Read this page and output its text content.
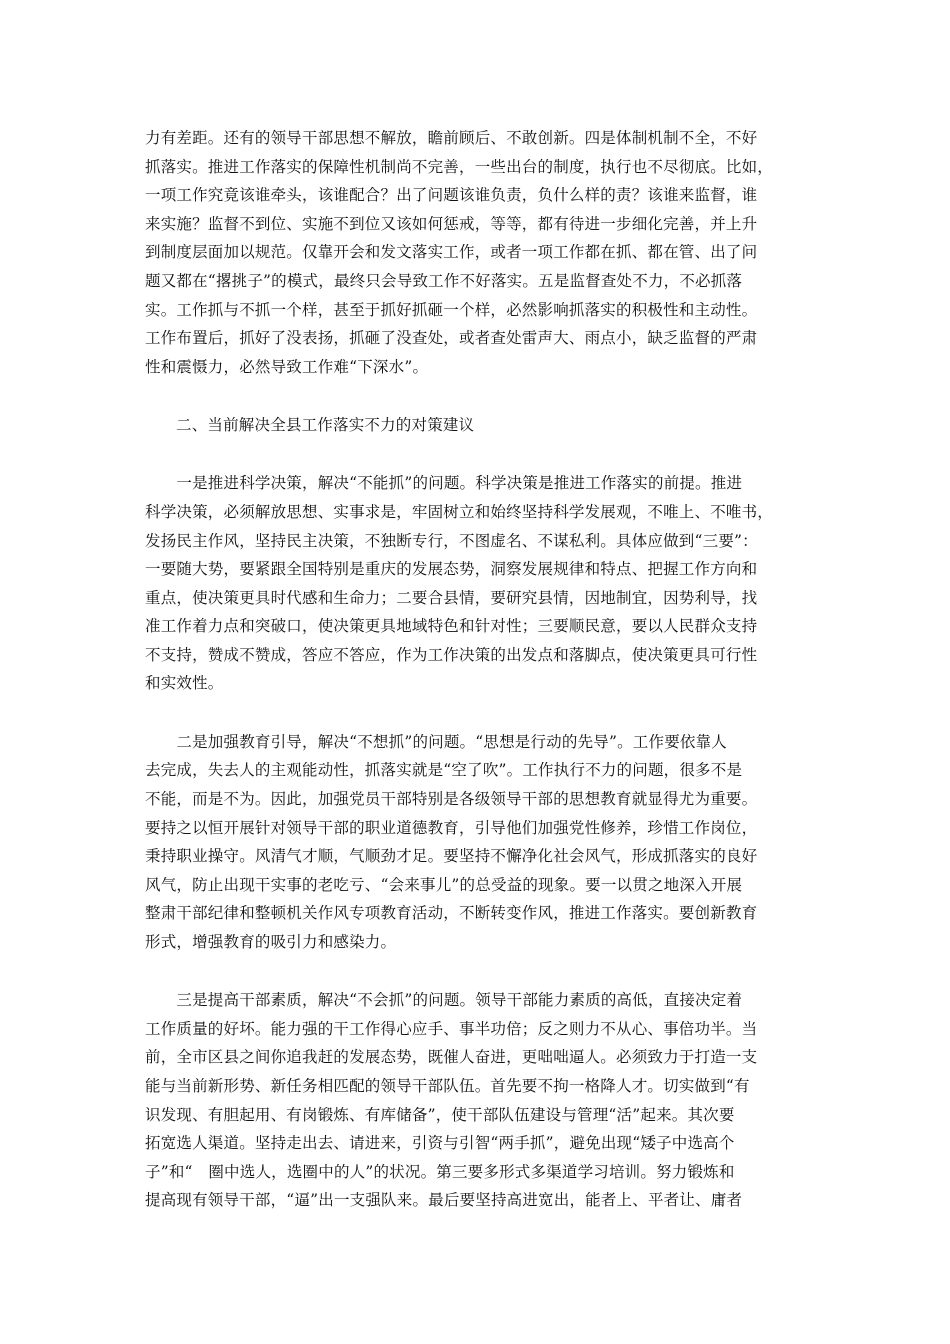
力有差距。还有的领导干部思想不解放，瞻前顾后、不敢创新。四是体制机制不全，不好
抓落实。推进工作落实的保障性机制尚不完善，一些出台的制度，执行也不尽彻底。比如，
一项工作究竟该谁牵头，该谁配合？出了问题该谁负责，负什么样的责？该谁来监督，谁
来实施？监督不到位、实施不到位又该如何惩戒，等等，都有待进一步细化完善，并上升
到制度层面加以规范。仅靠开会和发文落实工作，或者一项工作都在抓、都在管、出了问
题又都在“撂挑子”的模式，最终只会导致工作不好落实。五是监督查处不力，不必抓落
实。工作抓与不抓一个样，甚至于抓好抓砸一个样，必然影响抓落实的积极性和主动性。
工作布置后，抓好了没表扬，抓砸了没查处，或者查处雷声大、雨点小，缺乏监督的严肃
性和震慑力，必然导致工作难“下深水”。
二、当前解决全县工作落实不力的对策建议
　　一是推进科学决策，解决“不能抓”的问题。科学决策是推进工作落实的前提。推进
科学决策，必须解放思想、实事求是，牢固树立和始终坚持科学发展观，不唯上、不唯书，
发扬民主作风，坚持民主决策，不独断专行，不图虚名、不谋私利。具体应做到“三要”：
一要随大势，要紧跟全国特别是重庆的发展态势，洞察发展规律和特点、把握工作方向和
重点，使决策更具时代感和生命力；二要合县情，要研究县情，因地制宜，因势利导，找
准工作着力点和突破口，使决策更具地域特色和针对性；三要顺民意，要以人民群众支持
不支持，赞成不赞成，答应不答应，作为工作决策的出发点和落脚点，使决策更具可行性
和实效性。
　　二是加强教育引导，解决“不想抓”的问题。“思想是行动的先导”。工作要依靠人
去完成，失去人的主观能动性，抓落实就是“空了吹”。工作执行不力的问题，很多不是
不能，而是不为。因此，加强党员干部特别是各级领导干部的思想教育就显得尤为重要。
要持之以恒开展针对领导干部的职业道德教育，引导他们加强党性修养，珍惜工作岗位，
秉持职业操守。风清气才顺，气顺劲才足。要坚持不懈净化社会风气，形成抓落实的良好
风气，防止出现干实事的老吃亏、“会来事儿”的总受益的现象。要一以贯之地深入开展
整肃干部纪律和整顿机关作风专项教育活动，不断转变作风，推进工作落实。要创新教育
形式，增强教育的吸引力和感染力。
　　三是提高干部素质，解决“不会抓”的问题。领导干部能力素质的高低，直接决定着
工作质量的好坏。能力强的干工作得心应手、事半功倍；反之则力不从心、事倍功半。当
前，全市区县之间你追我赶的发展态势，既催人奋进，更咄咄逼人。必须致力于打造一支
能与当前新形势、新任务相匹配的领导干部队伍。首先要不拘一格降人才。切实做到“有
识发现、有胆起用、有岗锻炼、有库储备”，使干部队伍建设与管理“活”起来。其次要
拓宽选人渠道。坚持走出去、请进来，引资与引智“两手抓”，避免出现“矮子中选高个
子”和“　圈中选人，选圈中的人”的状况。第三要多形式多渠道学习培训。努力锻炼和
提高现有领导干部，“逼”出一支强队来。最后要坚持高进宽出，能者上、平者让、庸者
